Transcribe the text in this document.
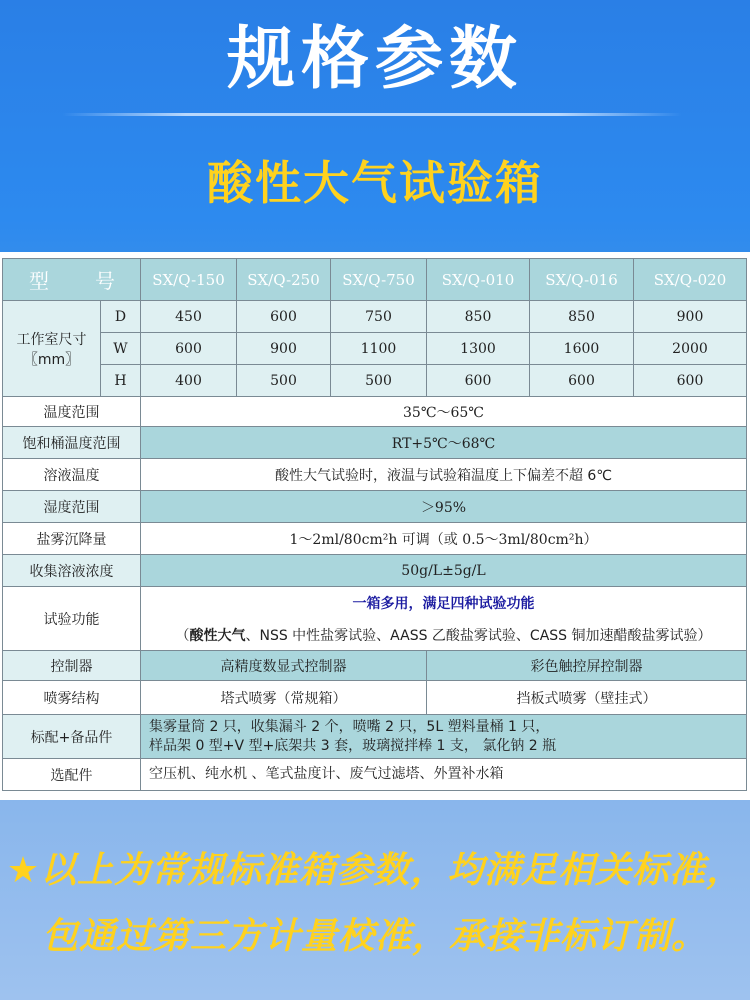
规格参数
酸性大气试验箱
型 号		SX/Q-150	SX/Q-250	SX/Q-750	SX/Q-010	SX/Q-016	SX/Q-020

工作室尺寸
〖mm〗	D	450	600	750	850	850	900
	W	600	900	1100	1300	1600	2000
	H	400	500	500	600	600	600
温度范围		35℃～65℃					
饱和桶温度范围		RT+5℃～68℃					
溶液温度		酸性大气试验时，液温与试验箱温度上下偏差不超 6℃					
湿度范围		＞95%					
盐雾沉降量		1～2ml/80cm²h 可调（或 0.5～3ml/80cm²h）					
收集溶液浓度		50g/L±5g/L					
试验功能		一箱多用，满足四种试验功能
（酸性大气、NSS 中性盐雾试验、AASS 乙酸盐雾试验、CASS 铜加速醋酸盐雾试验）					

控制器		高精度数显式控制器			彩色触控屏控制器		
喷雾结构		塔式喷雾（常规箱）			挡板式喷雾（壁挂式）		
标配+备品件		集雾量筒 2 只，收集漏斗 2 个，喷嘴 2 只，5L 塑料量桶 1 只，
样品架 0 型+V 型+底架共 3 套，玻璃搅拌棒 1 支， 氯化钠 2 瓶					

选配件		空压机、纯水机 、笔式盐度计、废气过滤塔、外置补水箱					
★以上为常规标准箱参数，均满足相关标准，
包通过第三方计量校准，承接非标订制。
